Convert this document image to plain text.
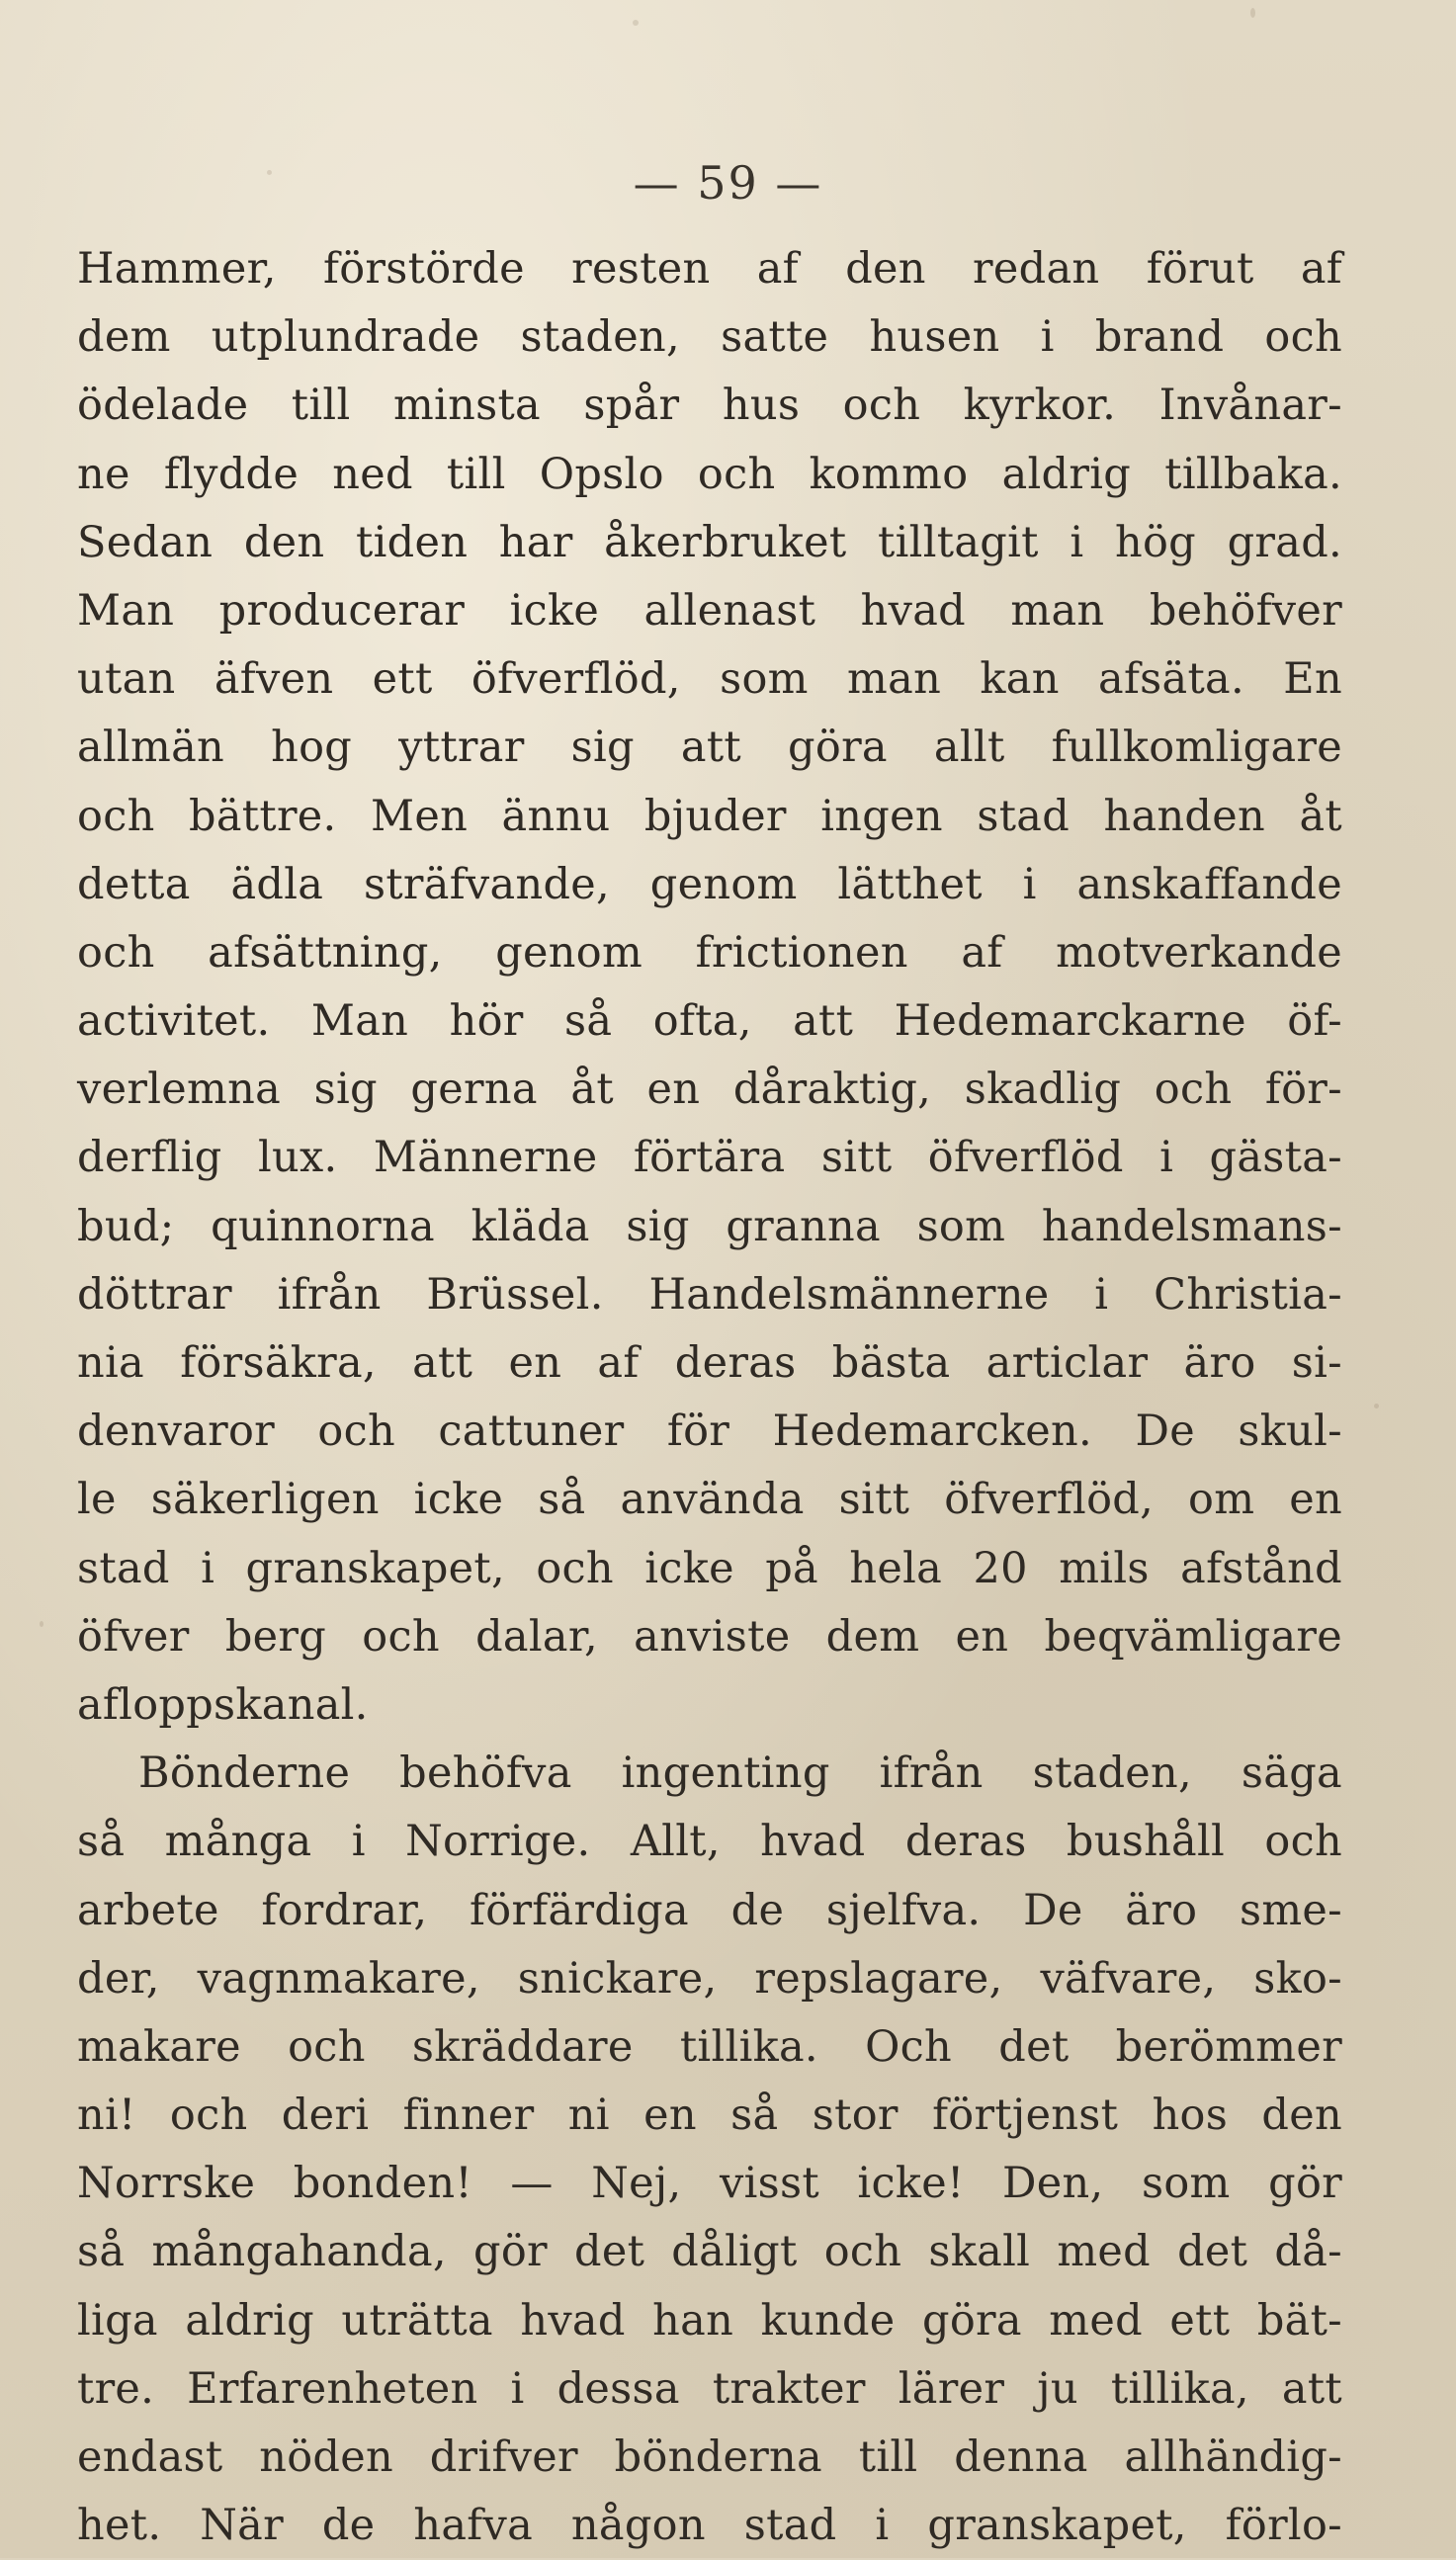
— 59 —
Hammer, förstörde resten af den redan förut af
dem utplundrade staden, satte husen i brand och
ödelade till minsta spår hus och kyrkor. Invånar-
ne flydde ned till Opslo och kommo aldrig tillbaka.
Sedan den tiden har åkerbruket tilltagit i hög grad.
Man producerar icke allenast hvad man behöfver
utan äfven ett öfverflöd, som man kan afsäta. En
allmän hog yttrar sig att göra allt fullkomligare
och bättre. Men ännu bjuder ingen stad handen åt
detta ädla sträfvande, genom lätthet i anskaffande
och afsättning, genom frictionen af motverkande
activitet. Man hör så ofta, att Hedemarckarne öf-
verlemna sig gerna åt en dåraktig, skadlig och för-
derflig lux. Männerne förtära sitt öfverflöd i gästa-
bud; quinnorna kläda sig granna som handelsmans-
döttrar ifrån Brüssel. Handelsmännerne i Christia-
nia försäkra, att en af deras bästa articlar äro si-
denvaror och cattuner för Hedemarcken. De skul-
le säkerligen icke så använda sitt öfverflöd, om en
stad i granskapet, och icke på hela 20 mils afstånd
öfver berg och dalar, anviste dem en beqvämligare
afloppskanal.
Bönderne behöfva ingenting ifrån staden, säga
så många i Norrige. Allt, hvad deras bushåll och
arbete fordrar, förfärdiga de sjelfva. De äro sme-
der, vagnmakare, snickare, repslagare, väfvare, sko-
makare och skräddare tillika. Och det berömmer
ni! och deri finner ni en så stor förtjenst hos den
Norrske bonden! — Nej, visst icke! Den, som gör
så mångahanda, gör det dåligt och skall med det då-
liga aldrig uträtta hvad han kunde göra med ett bät-
tre. Erfarenheten i dessa trakter lärer ju tillika, att
endast nöden drifver bönderna till denna allhändig-
het. När de hafva någon stad i granskapet, förlo-
